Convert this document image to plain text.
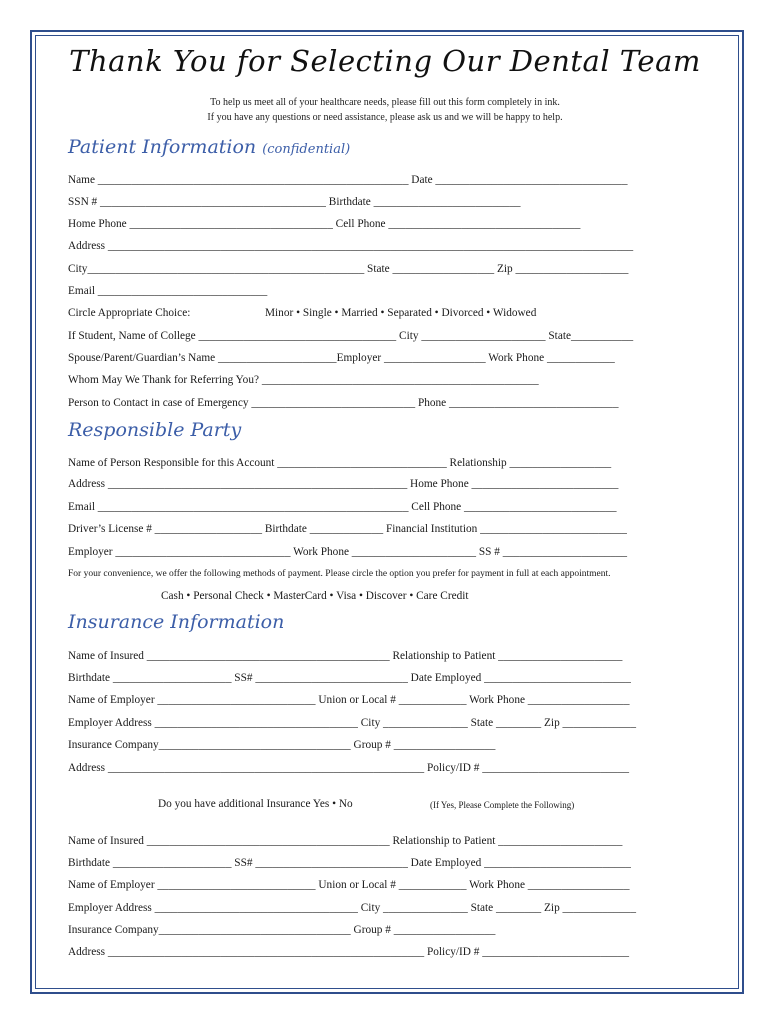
Thank You for Selecting Our Dental Team
To help us meet all of your healthcare needs, please fill out this form completely in ink.
If you have any questions or need assistance, please ask us and we will be happy to help.
Patient Information (confidential)
Name _______________________________________________________ Date __________________________________
SSN # ________________________________________ Birthdate __________________________
Home Phone ____________________________________ Cell Phone __________________________________
Address _____________________________________________________________________________________________
City_________________________________________________ State __________________ Zip ____________________
Email ______________________________
Circle Appropriate Choice:	Minor • Single • Married • Separated • Divorced • Widowed
If Student, Name of College ___________________________________ City ______________________ State___________
Spouse/Parent/Guardian’s Name _____________________Employer __________________ Work Phone ____________
Whom May We Thank for Referring You? _________________________________________________
Person to Contact in case of Emergency _____________________________ Phone ______________________________
Responsible Party
Name of Person Responsible for this Account ______________________________ Relationship __________________
Address _____________________________________________________ Home Phone __________________________
Email _______________________________________________________ Cell Phone ___________________________
Driver’s License # ___________________ Birthdate _____________ Financial Institution __________________________
Employer _______________________________ Work Phone ______________________ SS # ______________________
For your convenience, we offer the following methods of payment. Please circle the option you prefer for payment in full at each appointment.
Cash • Personal Check • MasterCard • Visa • Discover • Care Credit
Insurance Information
Name of Insured ___________________________________________ Relationship to Patient ______________________
Birthdate _____________________ SS# ___________________________ Date Employed __________________________
Name of Employer ____________________________ Union or Local # ____________ Work Phone __________________
Employer Address ____________________________________ City _______________ State ________ Zip _____________
Insurance Company__________________________________ Group # __________________
Address ________________________________________________________ Policy/ID # __________________________
Do you have additional Insurance Yes • No	(If Yes, Please Complete the Following)
Name of Insured ___________________________________________ Relationship to Patient ______________________
Birthdate _____________________ SS# ___________________________ Date Employed __________________________
Name of Employer ____________________________ Union or Local # ____________ Work Phone __________________
Employer Address ____________________________________ City _______________ State ________ Zip _____________
Insurance Company__________________________________ Group # __________________
Address ________________________________________________________ Policy/ID # __________________________
